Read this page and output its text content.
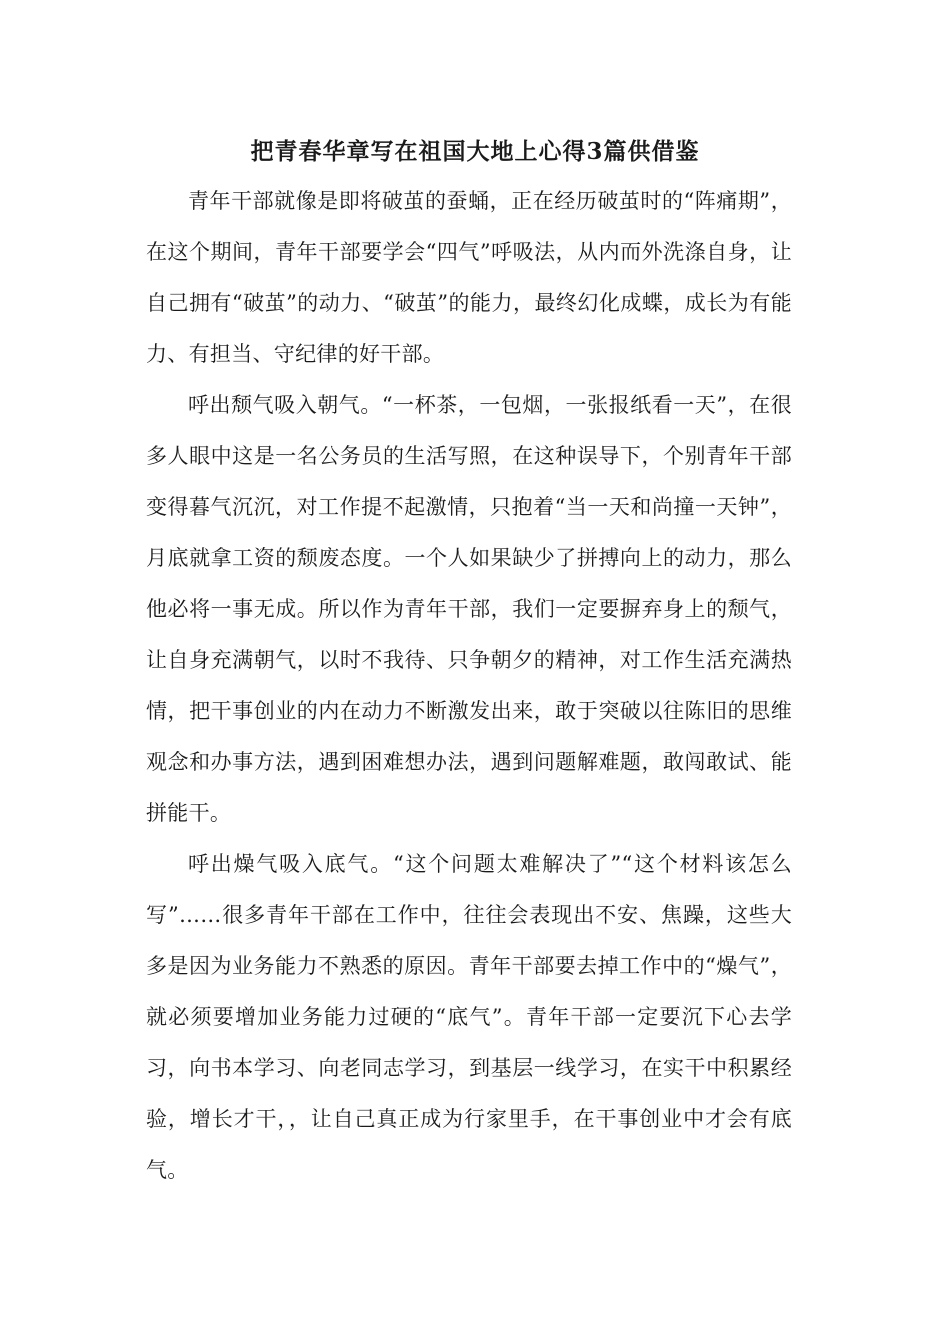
把青春华章写在祖国大地上心得3篇供借鉴

青年干部就像是即将破茧的蚕蛹，正在经历破茧时的“阵痛期”，在这个期间，青年干部要学会“四气”呼吸法，从内而外洗涤自身，让自己拥有“破茧”的动力、“破茧”的能力，最终幻化成蝶，成长为有能力、有担当、守纪律的好干部。

呼出颓气吸入朝气。“一杯茶，一包烟，一张报纸看一天”，在很多人眼中这是一名公务员的生活写照，在这种误导下，个别青年干部变得暮气沉沉，对工作提不起激情，只抱着“当一天和尚撞一天钟”，月底就拿工资的颓废态度。一个人如果缺少了拼搏向上的动力，那么他必将一事无成。所以作为青年干部，我们一定要摒弃身上的颓气，让自身充满朝气，以时不我待、只争朝夕的精神，对工作生活充满热情，把干事创业的内在动力不断激发出来，敢于突破以往陈旧的思维观念和办事方法，遇到困难想办法，遇到问题解难题，敢闯敢试、能拼能干。

呼出燥气吸入底气。“这个问题太难解决了”“这个材料该怎么写”……很多青年干部在工作中，往往会表现出不安、焦躁，这些大多是因为业务能力不熟悉的原因。青年干部要去掉工作中的“燥气”，就必须要增加业务能力过硬的“底气”。青年干部一定要沉下心去学习，向书本学习、向老同志学习，到基层一线学习，在实干中积累经验，增长才干，，让自己真正成为行家里手，在干事创业中才会有底气。
